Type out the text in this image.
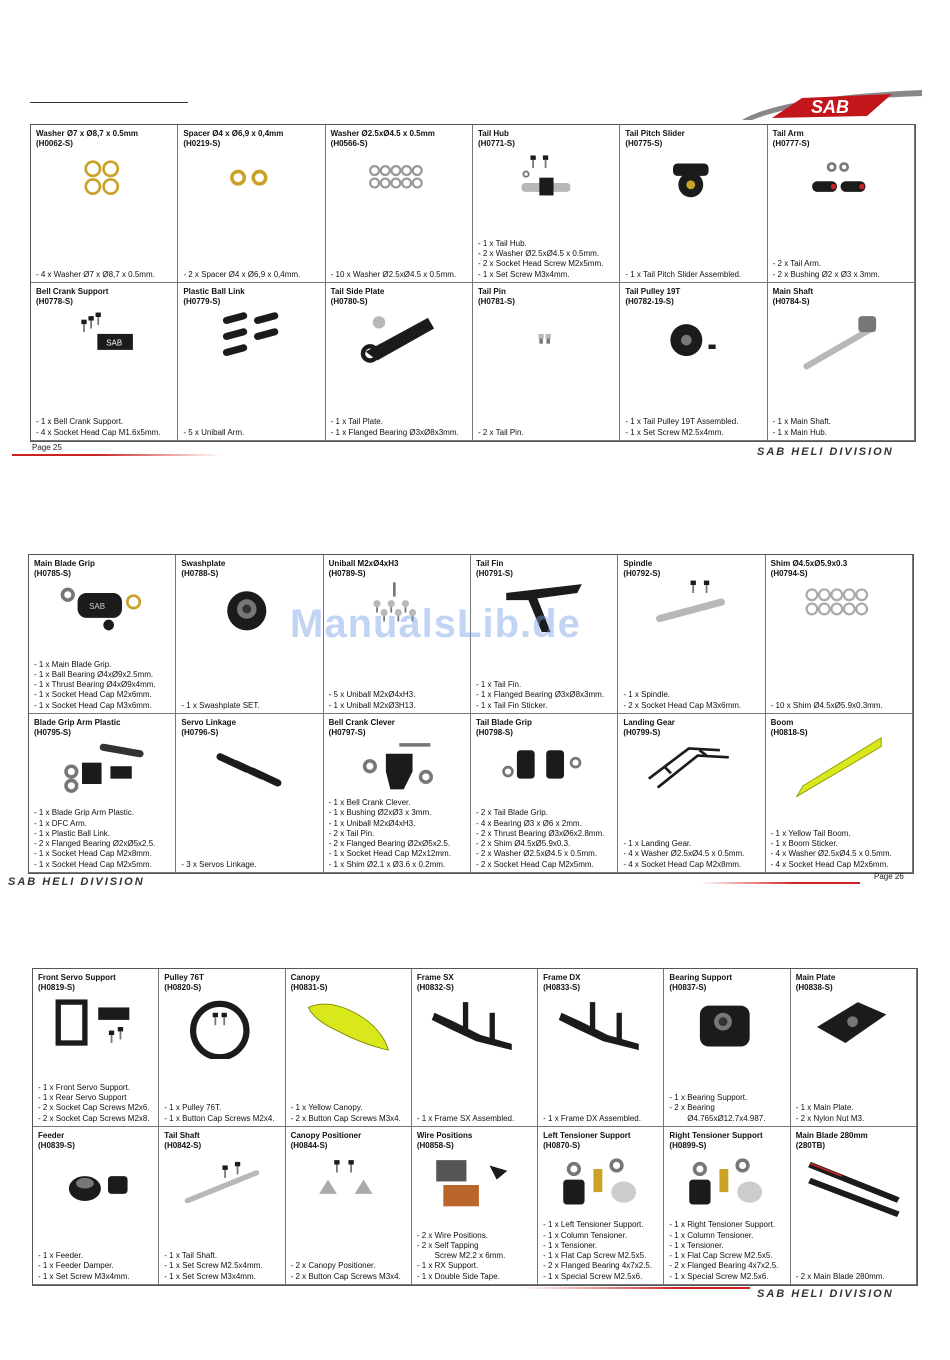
SAB
Washer Ø7 x Ø8,7 x 0.5mm
(H0062-S)
- 4 x Washer Ø7 x Ø8,7 x 0.5mm.
Spacer Ø4 x Ø6,9 x 0,4mm
(H0219-S)
- 2 x Spacer Ø4 x Ø6,9 x 0,4mm.
Washer Ø2.5xØ4.5 x 0.5mm
(H0566-S)
- 10 x Washer Ø2.5xØ4.5 x 0.5mm.
Tail Hub
(H0771-S)
- 1 x Tail Hub.
- 2 x Washer Ø2.5xØ4.5 x 0.5mm.
- 2 x Socket Head Screw M2x5mm.
- 1 x Set Screw M3x4mm.
Tail Pitch Slider
(H0775-S)
- 1 x Tail Pitch Slider Assembled.
Tail Arm
(H0777-S)
- 2 x Tail Arm.
- 2 x Bushing Ø2 x Ø3 x 3mm.
Bell Crank Support
(H0778-S)
SAB
- 1 x Bell Crank Support.
- 4 x Socket Head Cap M1.6x5mm.
Plastic Ball Link
(H0779-S)
- 5 x Uniball Arm.
Tail Side Plate
(H0780-S)
- 1 x Tail Plate.
- 1 x Flanged Bearing Ø3xØ8x3mm.
Tail Pin
(H0781-S)
- 2 x Tail Pin.
Tail Pulley 19T
(H0782-19-S)
- 1 x Tail Pulley 19T Assembled.
- 1 x Set Screw M2.5x4mm.
Main Shaft
(H0784-S)
- 1 x Main Shaft.
- 1 x Main Hub.
Page 25	SAB HELI DIVISION
Main Blade Grip
(H0785-S)
SAB
- 1 x Main Blade Grip.
- 1 x Ball Bearing Ø4xØ9x2.5mm.
- 1 x Thrust Bearing Ø4xØ9x4mm.
- 1 x Socket Head Cap M2x6mm.
- 1 x Socket Head Cap M3x6mm.
Swashplate
(H0788-S)
- 1 x Swashplate SET.
Uniball M2xØ4xH3
(H0789-S)
- 5 x Uniball M2xØ4xH3.
- 1 x Uniball M2xØ3H13.
Tail Fin
(H0791-S)
- 1 x Tail Fin.
- 1 x Flanged Bearing Ø3xØ8x3mm.
- 1 x Tail Fin Sticker.
Spindle
(H0792-S)
- 1 x Spindle.
- 2 x Socket Head Cap M3x6mm.
Shim Ø4.5xØ5.9x0.3
(H0794-S)
- 10 x Shim Ø4.5xØ5.9x0.3mm.
Blade Grip Arm Plastic
(H0795-S)
- 1 x Blade Grip Arm Plastic.
- 1 x DFC Arm.
- 1 x Plastic Ball Link.
- 2 x Flanged Bearing Ø2xØ5x2.5.
- 1 x Socket Head Cap M2x8mm.
- 1 x Socket Head Cap M2x5mm.
Servo Linkage
(H0796-S)
- 3 x Servos Linkage.
Bell Crank Clever
(H0797-S)
- 1 x Bell Crank Clever.
- 1 x Bushing Ø2xØ3 x 3mm.
- 1 x Uniball M2xØ4xH3.
- 2 x Tail Pin.
- 2 x Flanged Bearing Ø2xØ5x2.5.
- 1 x Socket Head Cap M2x12mm.
- 1 x Shim Ø2.1 x Ø3.6 x 0.2mm.
Tail Blade Grip
(H0798-S)
- 2 x Tail Blade Grip.
- 4 x Bearing Ø3 x Ø6 x 2mm.
- 2 x Thrust Bearing Ø3xØ6x2.8mm.
- 2 x Shim Ø4.5xØ5.9x0.3.
- 2 x Washer Ø2.5xØ4.5 x 0.5mm.
- 2 x Socket Head Cap M2x5mm.
Landing Gear
(H0799-S)
- 1 x Landing Gear.
- 4 x Washer Ø2.5xØ4.5 x 0.5mm.
- 4 x Socket Head Cap M2x8mm.
Boom
(H0818-S)
- 1 x Yellow Tail Boom.
- 1 x Boom Sticker.
- 4 x Washer Ø2.5xØ4.5 x 0.5mm.
- 4 x Socket Head Cap M2x6mm.
ManualsLib.de
SAB HELI DIVISION	Page 26
Front Servo Support
(H0819-S)
- 1 x Front Servo Support.
- 1 x Rear Servo Support
- 2 x Socket Cap Screws M2x6.
- 2 x Socket Cap Screws M2x8.
Pulley 76T
(H0820-S)
- 1 x Pulley 76T.
- 1 x Button Cap Screws M2x4.
Canopy
(H0831-S)
- 1 x Yellow Canopy.
- 2 x Button Cap Screws M3x4.
Frame SX
(H0832-S)
- 1 x Frame SX Assembled.
Frame DX
(H0833-S)
- 1 x Frame DX Assembled.
Bearing Support
(H0837-S)
- 1 x Bearing Support.
- 2 x Bearing
Ø4.765xØ12.7x4.987.
Main Plate
(H0838-S)
- 1 x Main Plate.
- 2 x Nylon Nut M3.
Feeder
(H0839-S)
- 1 x Feeder.
- 1 x Feeder Damper.
- 1 x Set Screw M3x4mm.
Tail Shaft
(H0842-S)
- 1 x Tail Shaft.
- 1 x Set Screw M2.5x4mm.
- 1 x Set Screw M3x4mm.
Canopy Positioner
(H0844-S)
- 2 x Canopy Positioner.
- 2 x Button Cap Screws M3x4.
Wire Positions
(H0858-S)
- 2 x Wire Positions.
- 2 x Self Tapping
Screw M2.2 x 6mm.
- 1 x RX Support.
- 1 x Double Side Tape.
Left Tensioner Support
(H0870-S)
- 1 x Left Tensioner Support.
- 1 x Column Tensioner.
- 1 x Tensioner.
- 1 x Flat Cap Screw M2.5x5.
- 2 x Flanged Bearing 4x7x2.5.
- 1 x Special Screw M2.5x6.
Right Tensioner Support
(H0899-S)
- 1 x Right Tensioner Support.
- 1 x Column Tensioner.
- 1 x Tensioner.
- 1 x Flat Cap Screw M2.5x5.
- 2 x Flanged Bearing 4x7x2.5.
- 1 x Special Screw M2.5x6.
Main Blade 280mm
(280TB)
- 2 x Main Blade 280mm.
SAB HELI DIVISION
